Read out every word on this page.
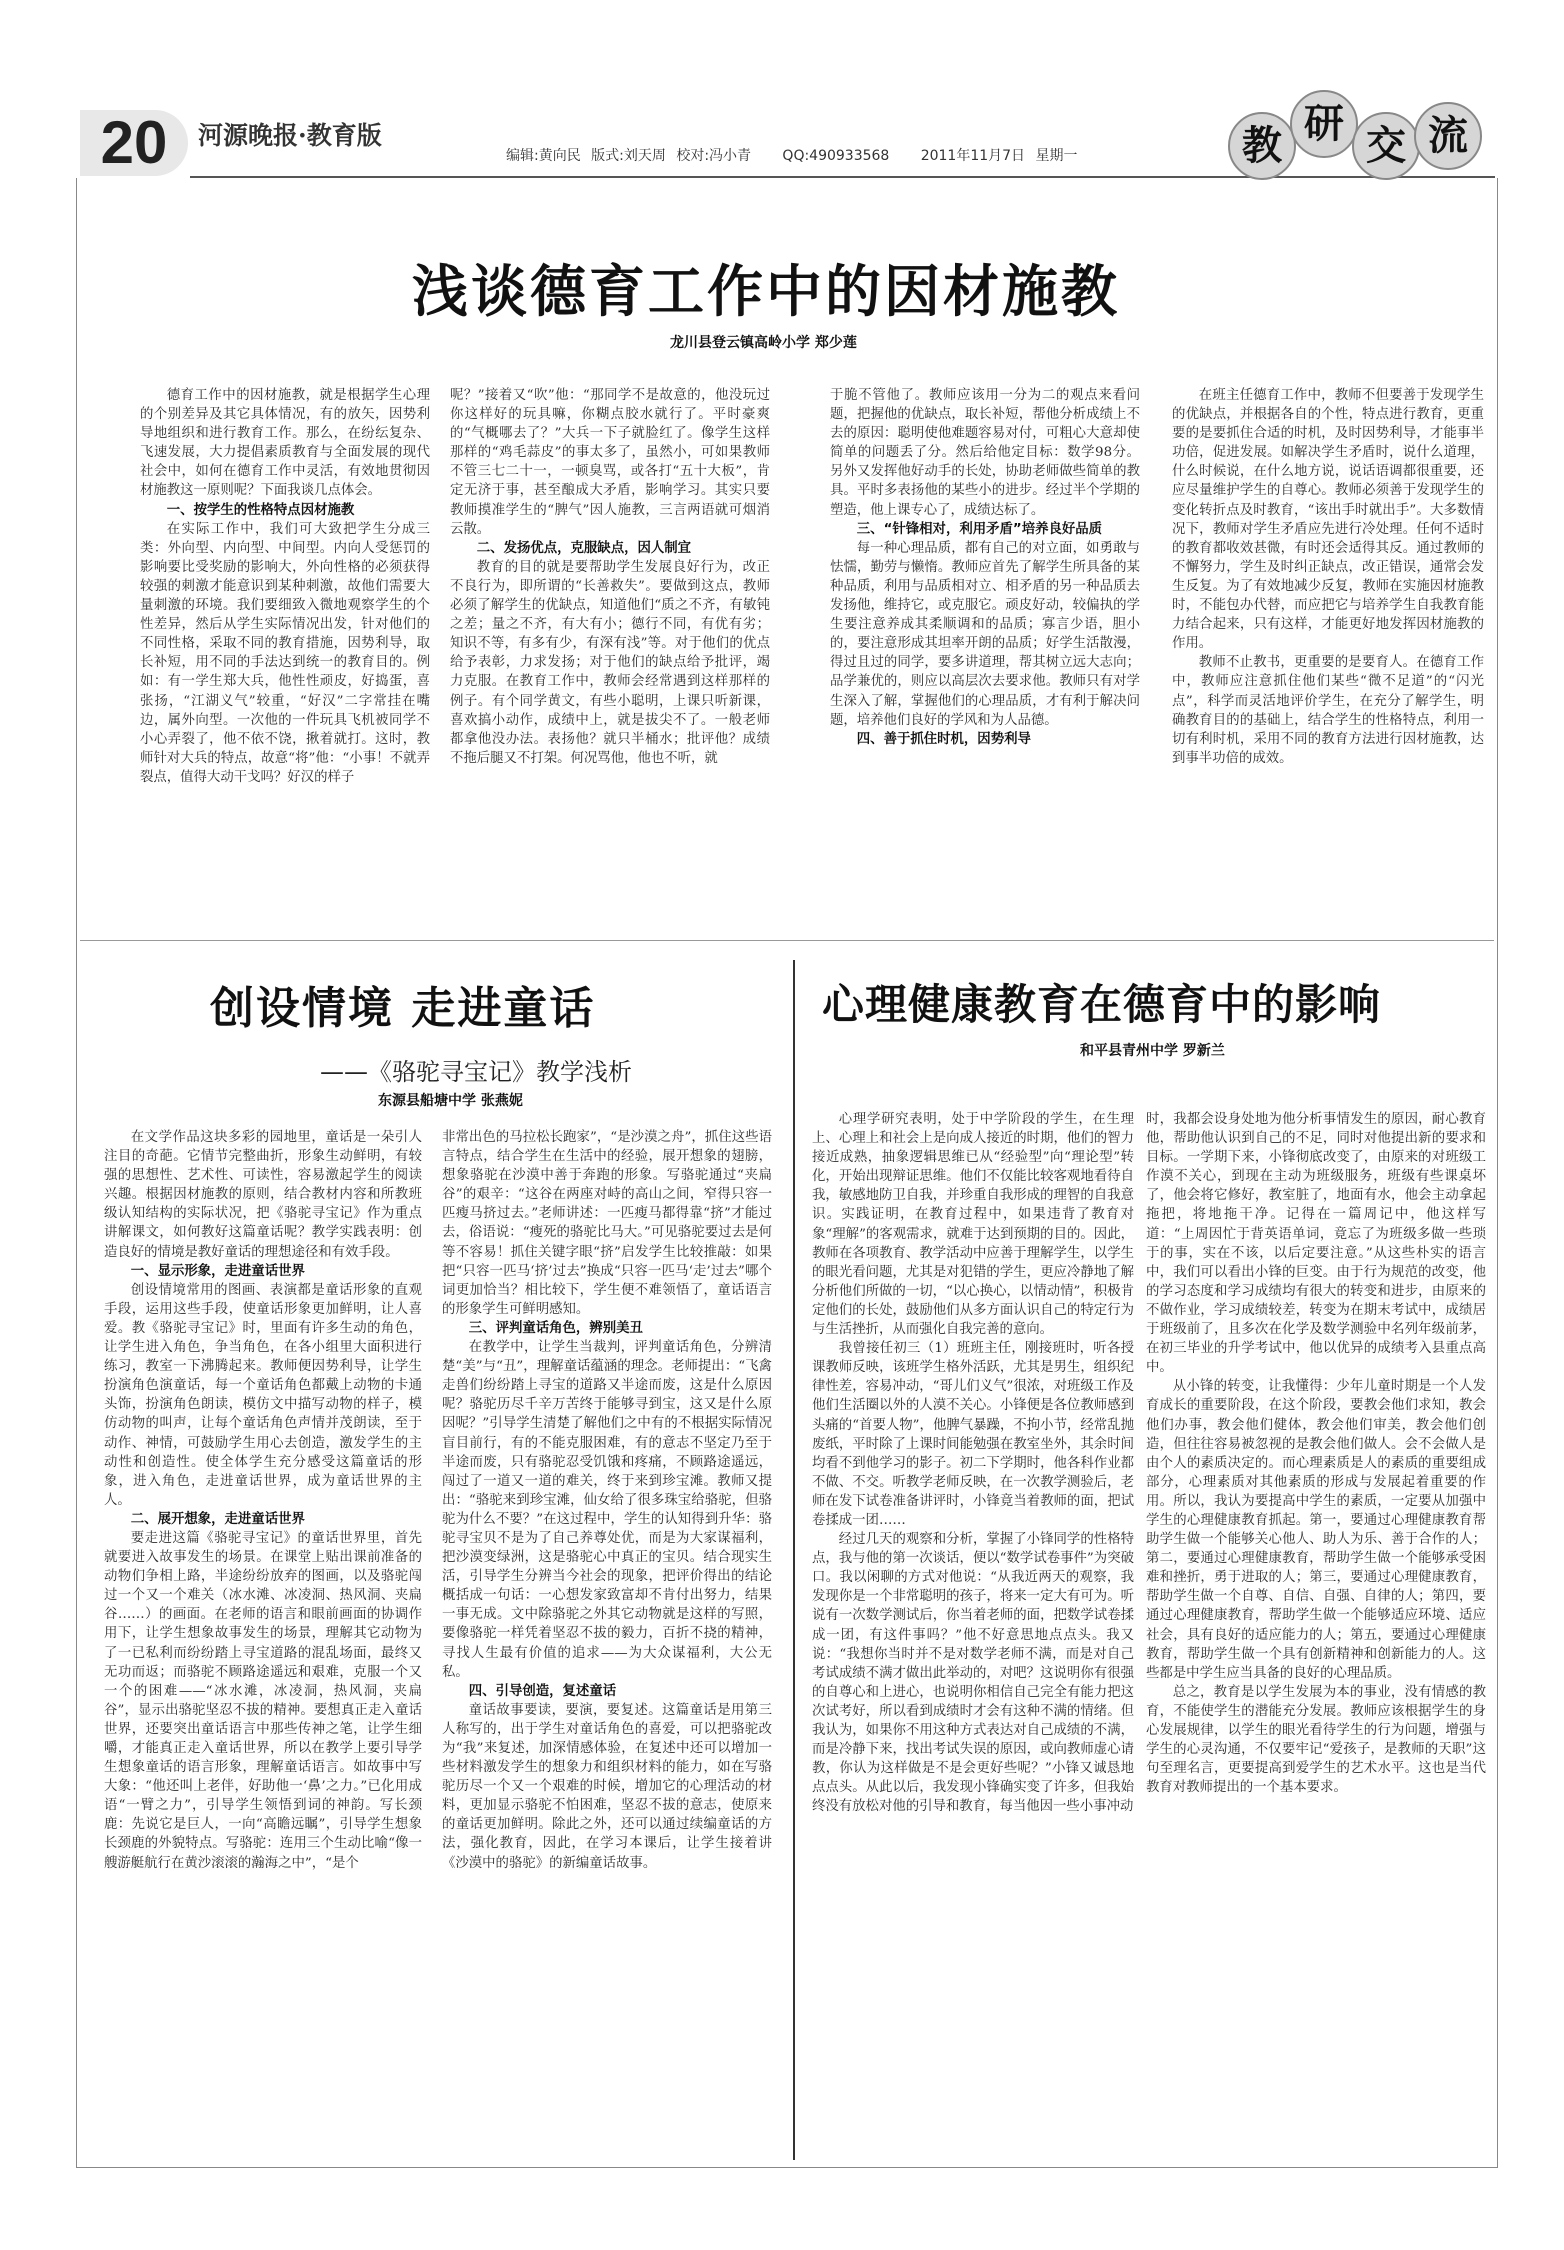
20	河源晚报·教育版
编辑:黄向民 版式:刘天周 校对:冯小青 QQ:490933568 2011年11月7日 星期一	教 研 交 流
浅谈德育工作中的因材施教
龙川县登云镇高岭小学 郑少莲

德育工作中的因材施教，就是根据学生心理的个别差异及其它具体情况，有的放矢，因势利导地组织和进行教育工作。那么，在纷纭复杂、飞速发展，大力提倡素质教育与全面发展的现代社会中，如何在德育工作中灵活，有效地贯彻因材施教这一原则呢？下面我谈几点体会。

一、按学生的性格特点因材施教

在实际工作中，我们可大致把学生分成三类：外向型、内向型、中间型。内向人受惩罚的影响要比受奖励的影响大，外向性格的必须获得较强的刺激才能意识到某种刺激，故他们需要大量刺激的环境。我们要细致入微地观察学生的个性差异，然后从学生实际情况出发，针对他们的不同性格，采取不同的教育措施，因势利导，取长补短，用不同的手法达到统一的教育目的。例如：有一学生郑大兵，他性性顽皮，好捣蛋，喜张扬，“江湖义气”较重，“好汉”二字常挂在嘴边，属外向型。一次他的一件玩具飞机被同学不小心弄裂了，他不依不饶，揪着就打。这时，教师针对大兵的特点，故意“将”他：“小事！不就弄裂点，值得大动干戈吗？好汉的样子

呢？”接着又“吹”他：“那同学不是故意的，他没玩过你这样好的玩具嘛，你糊点胶水就行了。平时豪爽的“气概哪去了？”大兵一下子就脸红了。像学生这样那样的“鸡毛蒜皮”的事太多了，虽然小，可如果教师不管三七二十一，一顿臭骂，或各打“五十大板”，肯定无济于事，甚至酿成大矛盾，影响学习。其实只要教师摸准学生的“脾气”因人施教，三言两语就可烟消云散。

二、发扬优点，克服缺点，因人制宜

教育的目的就是要帮助学生发展良好行为，改正不良行为，即所谓的“长善救失”。要做到这点，教师必须了解学生的优缺点，知道他们“质之不齐，有敏钝之差；量之不齐，有大有小；德行不同，有优有劣；知识不等，有多有少，有深有浅”等。对于他们的优点给予表彰，力求发扬；对于他们的缺点给予批评，竭力克服。在教育工作中，教师会经常遇到这样那样的例子。有个同学黄文，有些小聪明，上课只听新课，喜欢搞小动作，成绩中上，就是拔尖不了。一般老师都拿他没办法。表扬他？就只半桶水；批评他？成绩不拖后腿又不打架。何况骂他，他也不听，就

于脆不管他了。教师应该用一分为二的观点来看问题，把握他的优缺点，取长补短，帮他分析成绩上不去的原因：聪明使他难题容易对付，可粗心大意却使简单的问题丢了分。然后给他定目标：数学98分。另外又发挥他好动手的长处，协助老师做些简单的教具。平时多表扬他的某些小的进步。经过半个学期的塑造，他上课专心了，成绩达标了。

三、“针锋相对，利用矛盾”培养良好品质

每一种心理品质，都有自己的对立面，如勇敢与怯懦，勤劳与懒惰。教师应首先了解学生所具备的某种品质，利用与品质相对立、相矛盾的另一种品质去发扬他，维持它，或克服它。顽皮好动，较偏执的学生要注意养成其柔顺调和的品质；寡言少语，胆小的，要注意形成其坦率开朗的品质；好学生活散漫，得过且过的同学，要多讲道理，帮其树立远大志向；品学兼优的，则应以高层次去要求他。教师只有对学生深入了解，掌握他们的心理品质，才有利于解决问题，培养他们良好的学风和为人品德。

四、善于抓住时机，因势利导

在班主任德育工作中，教师不但要善于发现学生的优缺点，并根据各自的个性，特点进行教育，更重要的是要抓住合适的时机，及时因势利导，才能事半功倍，促进发展。如解决学生矛盾时，说什么道理，什么时候说，在什么地方说，说话语调都很重要，还应尽量维护学生的自尊心。教师必须善于发现学生的变化转折点及时教育，“该出手时就出手”。大多数情况下，教师对学生矛盾应先进行冷处理。任何不适时的教育都收效甚微，有时还会适得其反。通过教师的不懈努力，学生及时纠正缺点，改正错误，通常会发生反复。为了有效地减少反复，教师在实施因材施教时，不能包办代替，而应把它与培养学生自我教育能力结合起来，只有这样，才能更好地发挥因材施教的作用。

教师不止教书，更重要的是要育人。在德育工作中，教师应注意抓住他们某些“微不足道”的“闪光点”，科学而灵活地评价学生，在充分了解学生，明确教育目的的基础上，结合学生的性格特点，利用一切有利时机，采用不同的教育方法进行因材施教，达到事半功倍的成效。

创设情境 走进童话
——《骆驼寻宝记》教学浅析
东源县船塘中学 张燕妮

在文学作品这块多彩的园地里，童话是一朵引人注目的奇葩。它情节完整曲折，形象生动鲜明，有较强的思想性、艺术性、可读性，容易激起学生的阅读兴趣。根据因材施教的原则，结合教材内容和所教班级认知结构的实际状况，把《骆驼寻宝记》作为重点讲解课文，如何教好这篇童话呢？教学实践表明：创造良好的情境是教好童话的理想途径和有效手段。

一、显示形象，走进童话世界

创设情境常用的图画、表演都是童话形象的直观手段，运用这些手段，使童话形象更加鲜明，让人喜爱。教《骆驼寻宝记》时，里面有许多生动的角色，让学生进入角色，争当角色，在各小组里大面积进行练习，教室一下沸腾起来。教师便因势利导，让学生扮演角色演童话，每一个童话角色都戴上动物的卡通头饰，扮演角色朗读，模仿文中描写动物的样子，模仿动物的叫声，让每个童话角色声情并茂朗读，至于动作、神情，可鼓励学生用心去创造，激发学生的主动性和创造性。使全体学生充分感受这篇童话的形象，进入角色，走进童话世界，成为童话世界的主人。

二、展开想象，走进童话世界

要走进这篇《骆驼寻宝记》的童话世界里，首先就要进入故事发生的场景。在课堂上贴出课前准备的动物们争相上路，半途纷纷放弃的图画，以及骆驼闯过一个又一个难关（冰水滩、冰凌洞、热风洞、夹扁谷……）的画面。在老师的语言和眼前画面的协调作用下，让学生想象故事发生的场景，理解其它动物为了一已私利而纷纷踏上寻宝道路的混乱场面，最终又无功而返；而骆驼不顾路途遥远和艰难，克服一个又一个的困难——“冰水滩，冰凌洞，热风洞，夹扁谷”，显示出骆驼坚忍不拔的精神。要想真正走入童话世界，还要突出童话语言中那些传神之笔，让学生细嚼，才能真正走入童话世界，所以在教学上要引导学生想象童话的语言形象，理解童话语言。如故事中写大象：“他还叫上老伴，好助他一‘鼻’之力。”已化用成语“一臂之力”，引导学生领悟到词的神韵。写长颈鹿：先说它是巨人，一向“高瞻远瞩”，引导学生想象长颈鹿的外貌特点。写骆驼：连用三个生动比喻“像一艘游艇航行在黄沙滚滚的瀚海之中”，“是个

非常出色的马拉松长跑家”，“是沙漠之舟”，抓住这些语言特点，结合学生在生活中的经验，展开想象的翅膀，想象骆驼在沙漠中善于奔跑的形象。写骆驼通过“夹扁谷”的艰辛：“这谷在两座对峙的高山之间，窄得只容一匹瘦马挤过去。”老师讲述：一匹瘦马都得靠“挤”才能过去，俗语说：“瘦死的骆驼比马大。”可见骆驼要过去是何等不容易！抓住关键字眼“挤”启发学生比较推敲：如果把“只容一匹马‘挤’过去”换成“只容一匹马‘走’过去”哪个词更加恰当？相比较下，学生便不难领悟了，童话语言的形象学生可鲜明感知。

三、评判童话角色，辨别美丑

在教学中，让学生当裁判，评判童话角色，分辨清楚“美”与“丑”，理解童话蕴涵的理念。老师提出：“飞禽走兽们纷纷踏上寻宝的道路又半途而废，这是什么原因呢？骆驼历尽千辛万苦终于能够寻到宝，这又是什么原因呢？”引导学生清楚了解他们之中有的不根据实际情况盲目前行，有的不能克服困难，有的意志不坚定乃至于半途而废，只有骆驼忍受饥饿和疼痛，不顾路途遥远，闯过了一道又一道的难关，终于来到珍宝滩。教师又提出：“骆驼来到珍宝滩，仙女给了很多珠宝给骆驼，但骆驼为什么不要？”在这过程中，学生的认知得到升华：骆驼寻宝贝不是为了自己养尊处优，而是为大家谋福利，把沙漠变绿洲，这是骆驼心中真正的宝贝。结合现实生活，引导学生分辨当今社会的现象，把评价得出的结论概括成一句话：一心想发家致富却不肯付出努力，结果一事无成。文中除骆驼之外其它动物就是这样的写照，要像骆驼一样凭着坚忍不拔的毅力，百折不挠的精神，寻找人生最有价值的追求——为大众谋福利，大公无私。

四、引导创造，复述童话

童话故事要读，要演，要复述。这篇童话是用第三人称写的，出于学生对童话角色的喜爱，可以把骆驼改为“我”来复述，加深情感体验，在复述中还可以增加一些材料激发学生的想象力和组织材料的能力，如在写骆驼历尽一个又一个艰难的时候，增加它的心理活动的材料，更加显示骆驼不怕困难，坚忍不拔的意志，使原来的童话更加鲜明。除此之外，还可以通过续编童话的方法，强化教育，因此，在学习本课后，让学生接着讲《沙漠中的骆驼》的新编童话故事。

心理健康教育在德育中的影响
和平县青州中学 罗新兰

心理学研究表明，处于中学阶段的学生，在生理上、心理上和社会上是向成人接近的时期，他们的智力接近成熟，抽象逻辑思维已从“经验型”向“理论型”转化，开始出现辩证思维。他们不仅能比较客观地看待自我，敏感地防卫自我，并珍重自我形成的理智的自我意识。实践证明，在教育过程中，如果违背了教育对象“理解”的客观需求，就难于达到预期的目的。因此，教师在各项教育、教学活动中应善于理解学生，以学生的眼光看问题，尤其是对犯错的学生，更应冷静地了解分析他们所做的一切，“以心换心，以情动情”，积极肯定他们的长处，鼓励他们从多方面认识自己的特定行为与生活挫折，从而强化自我完善的意向。

我曾接任初三（1）班班主任，刚接班时，听各授课教师反映，该班学生格外活跃，尤其是男生，组织纪律性差，容易冲动，“哥儿们义气”很浓，对班级工作及他们生活圈以外的人漠不关心。小锋便是各位教师感到头痛的“首要人物”，他脾气暴躁，不拘小节，经常乱抛废纸，平时除了上课时间能勉强在教室坐外，其余时间均看不到他学习的影子。初二下学期时，他各科作业都不做、不交。听教学老师反映，在一次教学测验后，老师在发下试卷准备讲评时，小锋竟当着教师的面，把试卷揉成一团……

经过几天的观察和分析，掌握了小锋同学的性格特点，我与他的第一次谈话，便以“数学试卷事件”为突破口。我以闲聊的方式对他说：“从我近两天的观察，我发现你是一个非常聪明的孩子，将来一定大有可为。听说有一次数学测试后，你当着老师的面，把数学试卷揉成一团，有这件事吗？”他不好意思地点点头。我又说：“我想你当时并不是对数学老师不满，而是对自己考试成绩不满才做出此举动的，对吧？这说明你有很强的自尊心和上进心，也说明你相信自己完全有能力把这次试考好，所以看到成绩时才会有这种不满的情绪。但我认为，如果你不用这种方式表达对自己成绩的不满，而是冷静下来，找出考试失误的原因，或向教师虚心请教，你认为这样做是不是会更好些呢？”小锋又诚恳地点点头。从此以后，我发现小锋确实变了许多，但我始终没有放松对他的引导和教育，每当他因一些小事冲动

时，我都会设身处地为他分析事情发生的原因，耐心教育他，帮助他认识到自己的不足，同时对他提出新的要求和目标。一学期下来，小锋彻底改变了，由原来的对班级工作漠不关心，到现在主动为班级服务，班级有些课桌坏了，他会将它修好，教室脏了，地面有水，他会主动拿起拖把，将地拖干净。记得在一篇周记中，他这样写道：“上周因忙于背英语单词，竟忘了为班级多做一些琐于的事，实在不该，以后定要注意。”从这些朴实的语言中，我们可以看出小锋的巨变。由于行为规范的改变，他的学习态度和学习成绩均有很大的转变和进步，由原来的不做作业，学习成绩较差，转变为在期末考试中，成绩居于班级前了，且多次在化学及数学测验中名列年级前茅，在初三毕业的升学考试中，他以优异的成绩考入县重点高中。

从小锋的转变，让我懂得：少年儿童时期是一个人发育成长的重要阶段，在这个阶段，要教会他们求知，教会他们办事，教会他们健体，教会他们审美，教会他们创造，但往往容易被忽视的是教会他们做人。会不会做人是由个人的素质决定的。而心理素质是人的素质的重要组成部分，心理素质对其他素质的形成与发展起着重要的作用。所以，我认为要提高中学生的素质，一定要从加强中学生的心理健康教育抓起。第一，要通过心理健康教育帮助学生做一个能够关心他人、助人为乐、善于合作的人；第二，要通过心理健康教育，帮助学生做一个能够承受困难和挫折，勇于进取的人；第三，要通过心理健康教育，帮助学生做一个自尊、自信、自强、自律的人；第四，要通过心理健康教育，帮助学生做一个能够适应环境、适应社会，具有良好的适应能力的人；第五，要通过心理健康教育，帮助学生做一个具有创新精神和创新能力的人。这些都是中学生应当具备的良好的心理品质。

总之，教育是以学生发展为本的事业，没有情感的教育，不能使学生的潜能充分发展。教师应该根据学生的身心发展规律，以学生的眼光看待学生的行为问题，增强与学生的心灵沟通，不仅要牢记“爱孩子，是教师的天职”这句至理名言，更要提高到爱学生的艺术水平。这也是当代教育对教师提出的一个基本要求。
